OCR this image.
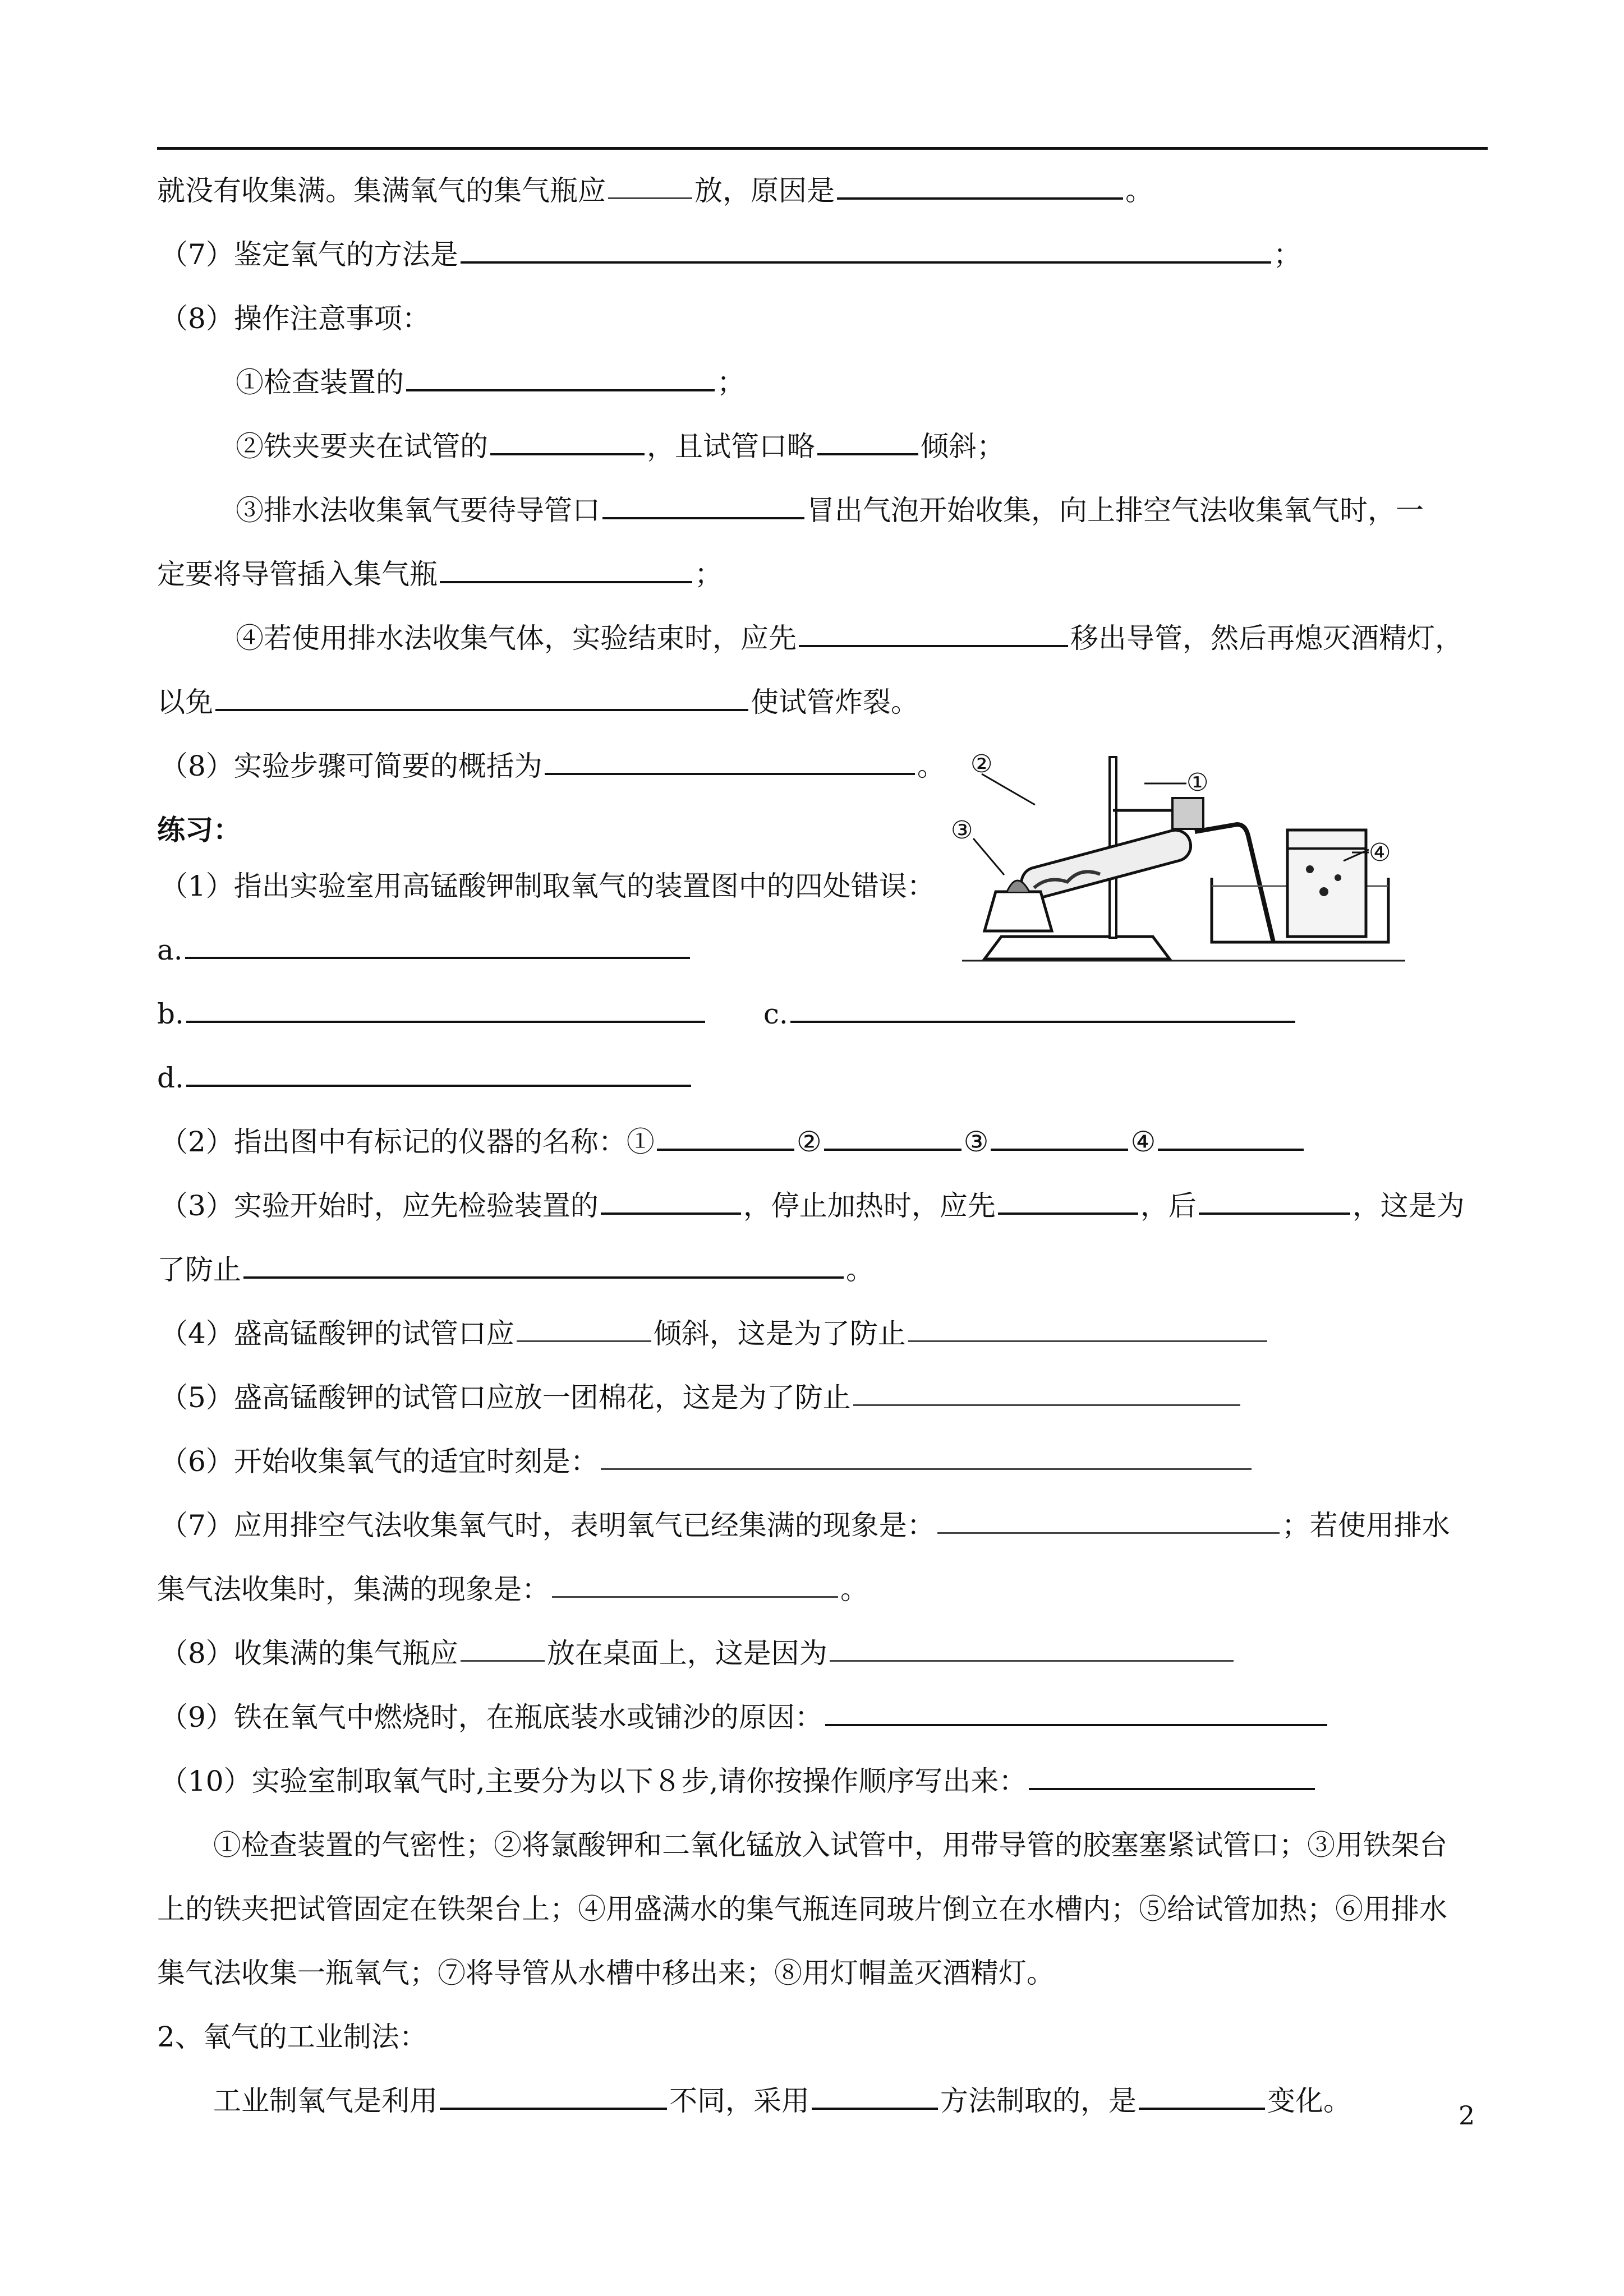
就没有收集满。集满氧气的集气瓶应	放，原因是	。
（7）鉴定氧气的方法是	；
（8）操作注意事项：
①检查装置的	；
②铁夹要夹在试管的	，且试管口略	倾斜；
③排水法收集氧气要待导管口	冒出气泡开始收集，向上排空气法收集氧气时，一
定要将导管插入集气瓶	；
④若使用排水法收集气体，实验结束时，应先	移出导管，然后再熄灭酒精灯，
以免	使试管炸裂。
（8）实验步骤可简要的概括为	。
练习：
（1）指出实验室用高锰酸钾制取氧气的装置图中的四处错误：
a.
b.	c.
d.
（2）指出图中有标记的仪器的名称：①	②	③	④
（3）实验开始时，应先检验装置的	，停止加热时，应先	，后	，这是为
了防止	。
（4）盛高锰酸钾的试管口应	倾斜，这是为了防止
（5）盛高锰酸钾的试管口应放一团棉花，这是为了防止
（6）开始收集氧气的适宜时刻是：
（7）应用排空气法收集氧气时，表明氧气已经集满的现象是：	；若使用排水
集气法收集时，集满的现象是：	。
（8）收集满的集气瓶应	放在桌面上，这是因为
（9）铁在氧气中燃烧时，在瓶底装水或铺沙的原因：
（10）实验室制取氧气时,主要分为以下８步,请你按操作顺序写出来：
①检查装置的气密性；②将氯酸钾和二氧化锰放入试管中，用带导管的胶塞塞紧试管口；③用铁架台
上的铁夹把试管固定在铁架台上；④用盛满水的集气瓶连同玻片倒立在水槽内；⑤给试管加热；⑥用排水
集气法收集一瓶氧气；⑦将导管从水槽中移出来；⑧用灯帽盖灭酒精灯。
2、氧气的工业制法：
工业制氧气是利用	不同，采用	方法制取的，是	变化。
②
①
③
④
2
